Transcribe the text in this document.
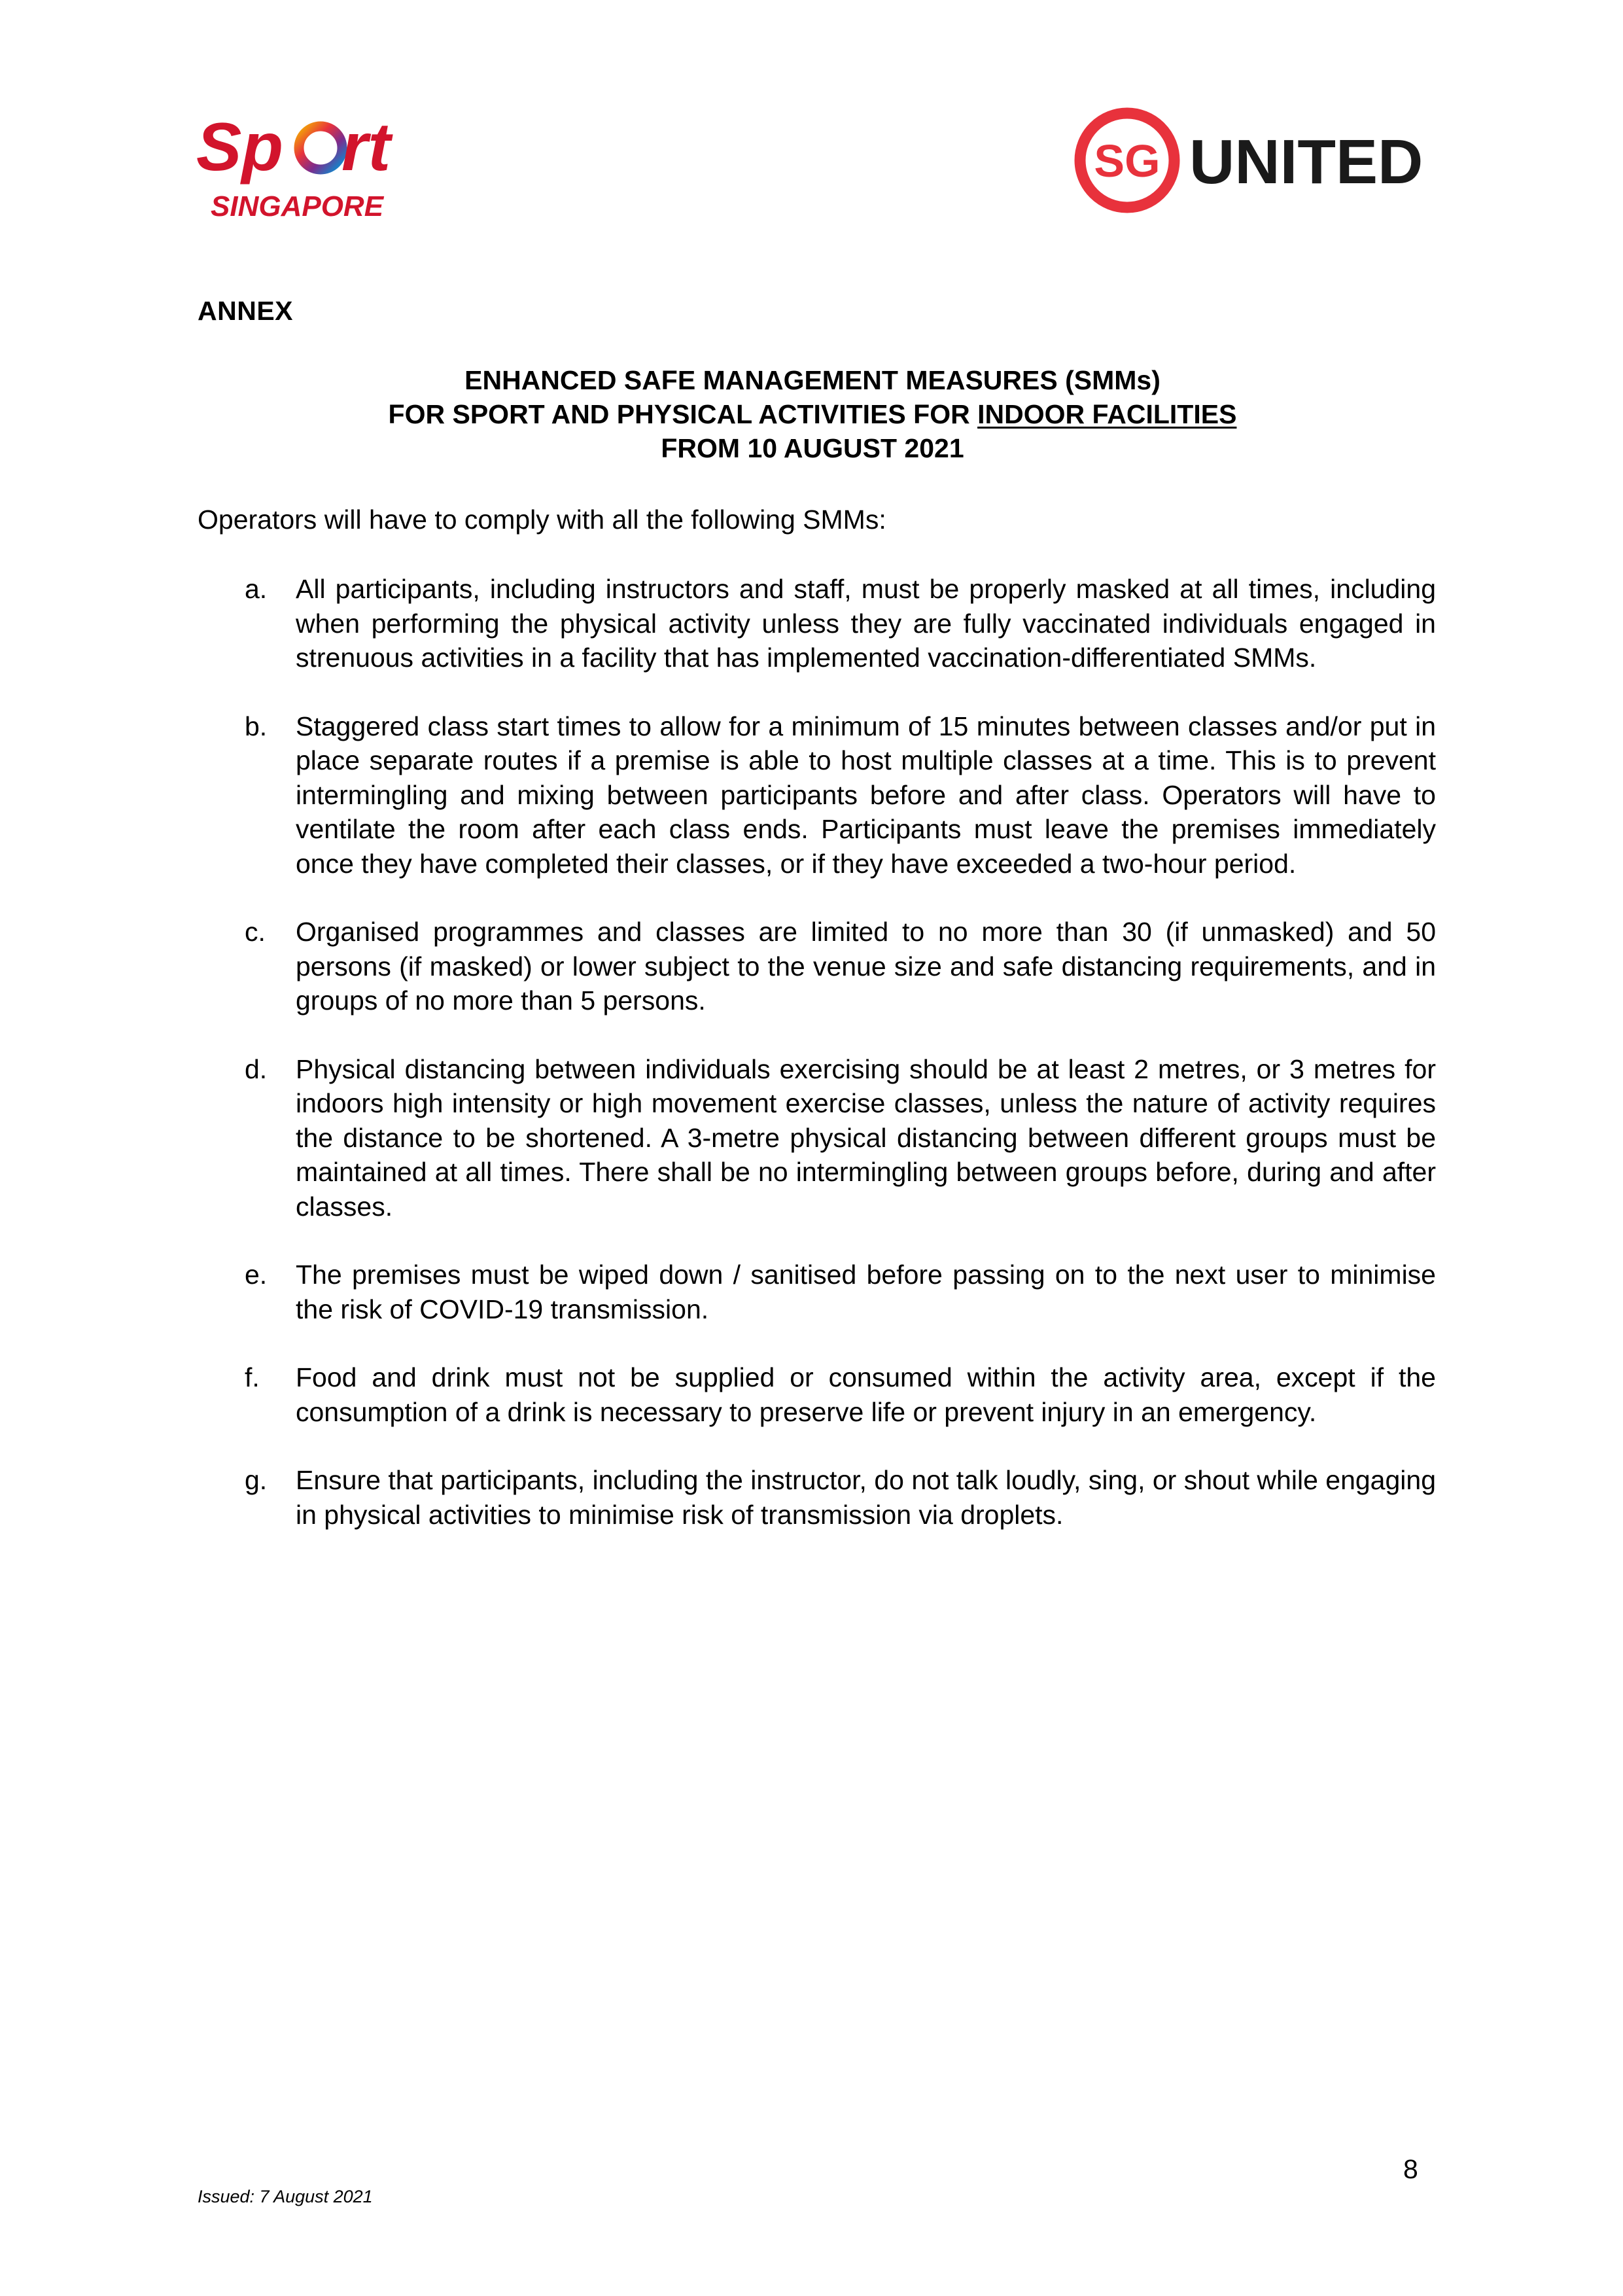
Sp rt
SINGAPORE
SG UNITED
ANNEX
ENHANCED SAFE MANAGEMENT MEASURES (SMMs)
FOR SPORT AND PHYSICAL ACTIVITIES FOR INDOOR FACILITIES
FROM 10 AUGUST 2021
Operators will have to comply with all the following SMMs:
a. All participants, including instructors and staff, must be properly masked at all times, including when performing the physical activity unless they are fully vaccinated individuals engaged in strenuous activities in a facility that has implemented vaccination-differentiated SMMs.
b. Staggered class start times to allow for a minimum of 15 minutes between classes and/or put in place separate routes if a premise is able to host multiple classes at a time. This is to prevent intermingling and mixing between participants before and after class. Operators will have to ventilate the room after each class ends. Participants must leave the premises immediately once they have completed their classes, or if they have exceeded a two-hour period.
c. Organised programmes and classes are limited to no more than 30 (if unmasked) and 50 persons (if masked) or lower subject to the venue size and safe distancing requirements, and in groups of no more than 5 persons.
d. Physical distancing between individuals exercising should be at least 2 metres, or 3 metres for indoors high intensity or high movement exercise classes, unless the nature of activity requires the distance to be shortened. A 3-metre physical distancing between different groups must be maintained at all times. There shall be no intermingling between groups before, during and after classes.
e. The premises must be wiped down / sanitised before passing on to the next user to minimise the risk of COVID-19 transmission.
f. Food and drink must not be supplied or consumed within the activity area, except if the consumption of a drink is necessary to preserve life or prevent injury in an emergency.
g. Ensure that participants, including the instructor, do not talk loudly, sing, or shout while engaging in physical activities to minimise risk of transmission via droplets.
8
Issued: 7 August 2021
